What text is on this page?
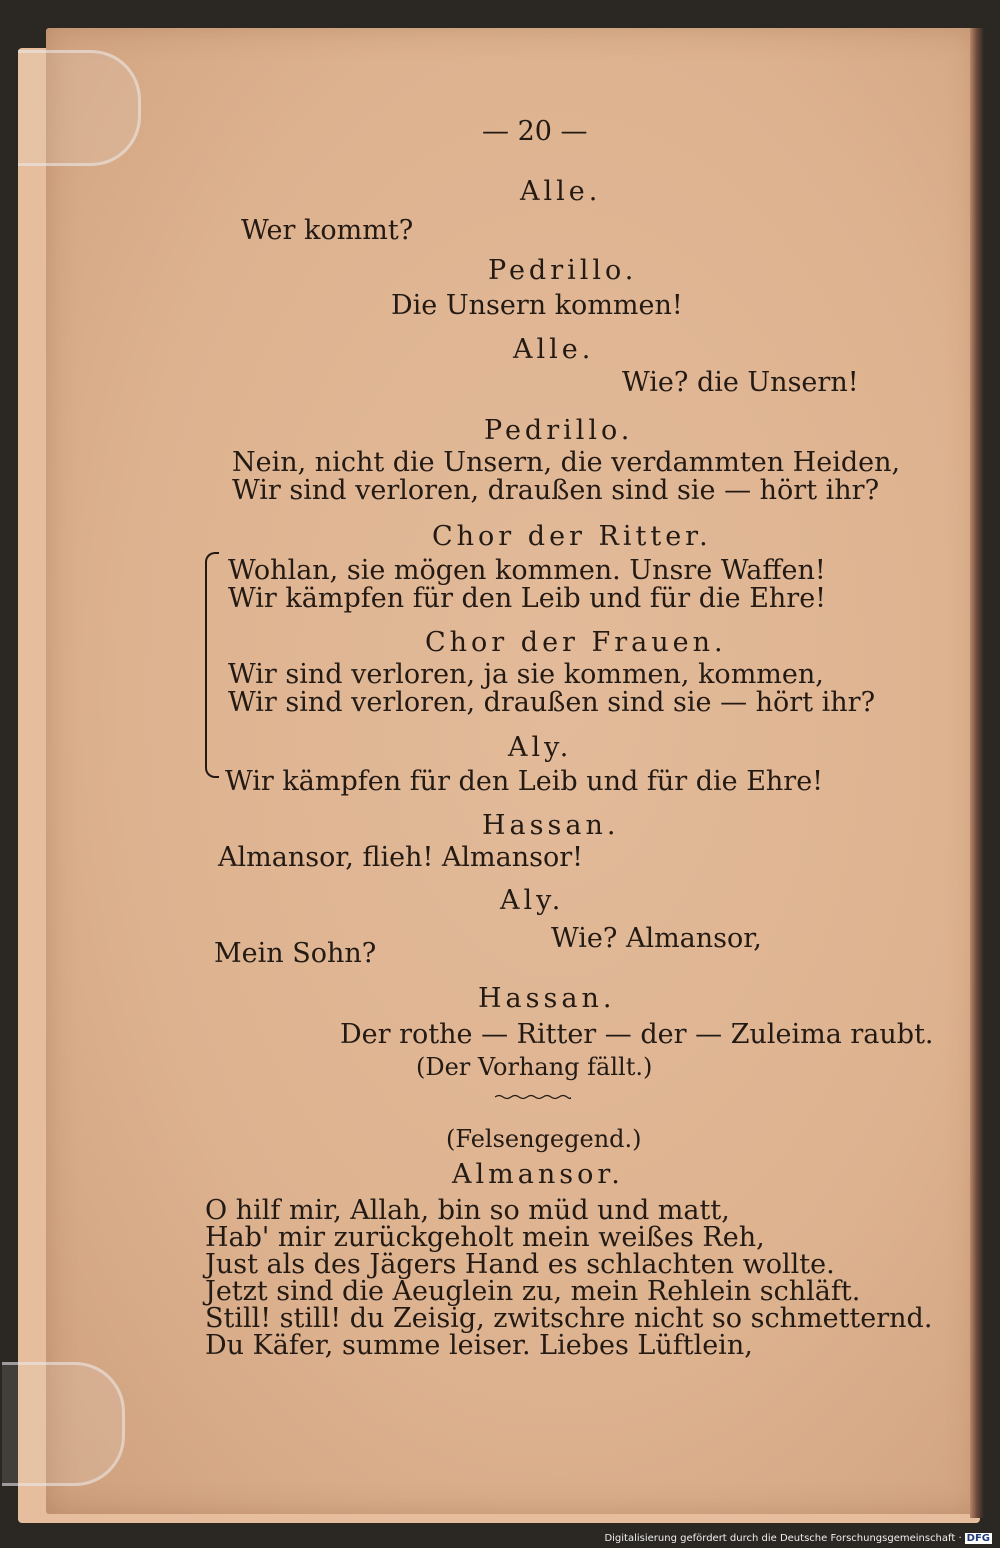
— 20 —
Alle.
Wer kommt?
Pedrillo.
Die Unsern kommen!
Alle.
Wie? die Unsern!
Pedrillo.
Nein, nicht die Unsern, die verdammten Heiden,
Wir sind verloren, draußen sind sie — hört ihr?
Chor der Ritter.
Wohlan, sie mögen kommen. Unsre Waffen!
Wir kämpfen für den Leib und für die Ehre!
Chor der Frauen.
Wir sind verloren, ja sie kommen, kommen,
Wir sind verloren, draußen sind sie — hört ihr?
Aly.
Wir kämpfen für den Leib und für die Ehre!
Hassan.
Almansor, flieh! Almansor!
Aly.
Wie? Almansor,
Mein Sohn?
Hassan.
Der rothe — Ritter — der — Zuleima raubt.
(Der Vorhang fällt.)
(Felsengegend.)
Almansor.
O hilf mir, Allah, bin so müd und matt,
Hab' mir zurückgeholt mein weißes Reh,
Just als des Jägers Hand es schlachten wollte.
Jetzt sind die Aeuglein zu, mein Rehlein schläft.
Still! still! du Zeisig, zwitschre nicht so schmetternd.
Du Käfer, summe leiser. Liebes Lüftlein,
Digitalisierung gefördert durch die Deutsche Forschungsgemeinschaft · DFG
